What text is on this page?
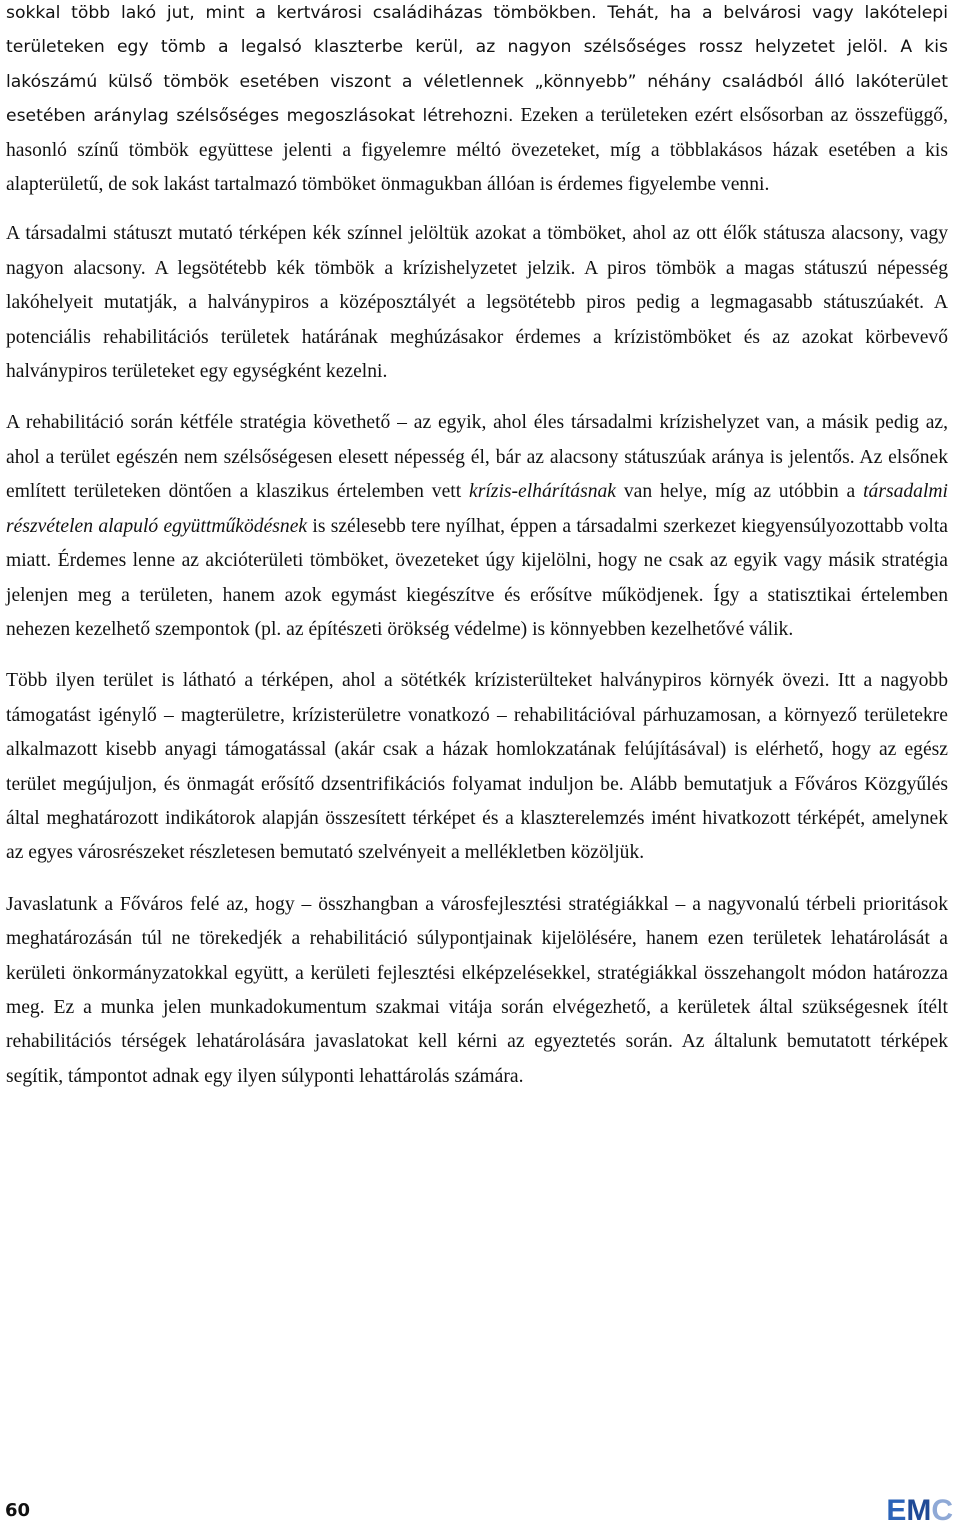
sokkal több lakó jut, mint a kertvárosi családiházas tömbökben. Tehát, ha a belvárosi vagy lakótelepi területeken egy tömb a legalsó klaszterbe kerül, az nagyon szélsőséges rossz helyzetet jelöl. A kis lakószámú külső tömbök esetében viszont a véletlennek „könnyebb” néhány családból álló lakóterület esetében aránylag szélsőséges megoszlásokat létrehozni. Ezeken a területeken ezért elsősorban az összefüggő, hasonló színű tömbök együttese jelenti a figyelemre méltó övezeteket, míg a többlakásos házak esetében a kis alapterületű, de sok lakást tartalmazó tömböket önmagukban állóan is érdemes figyelembe venni.

A társadalmi státuszt mutató térképen kék színnel jelöltük azokat a tömböket, ahol az ott élők státusza alacsony, vagy nagyon alacsony. A legsötétebb kék tömbök a krízishelyzetet jelzik. A piros tömbök a magas státuszú népesség lakóhelyeit mutatják, a halványpiros a középosztályét a legsötétebb piros pedig a legmagasabb státuszúakét. A potenciális rehabilitációs területek határának meghúzásakor érdemes a krízistömböket és az azokat körbevevő halványpiros területeket egy egységként kezelni.

A rehabilitáció során kétféle stratégia követhető – az egyik, ahol éles társadalmi krízishelyzet van, a másik pedig az, ahol a terület egészén nem szélsőségesen elesett népesség él, bár az alacsony státuszúak aránya is jelentős. Az elsőnek említett területeken döntően a klaszikus értelemben vett krízis-elhárításnak van helye, míg az utóbbin a társadalmi részvételen alapuló együttműködésnek is szélesebb tere nyílhat, éppen a társadalmi szerkezet kiegyensúlyozottabb volta miatt. Érdemes lenne az akcióterületi tömböket, övezeteket úgy kijelölni, hogy ne csak az egyik vagy másik stratégia jelenjen meg a területen, hanem azok egymást kiegészítve és erősítve működjenek. Így a statisztikai értelemben nehezen kezelhető szempontok (pl. az építészeti örökség védelme) is könnyebben kezelhetővé válik.

Több ilyen terület is látható a térképen, ahol a sötétkék krízisterülteket halványpiros környék övezi. Itt a nagyobb támogatást igénylő – magterületre, krízisterületre vonatkozó – rehabilitációval párhuzamosan, a környező területekre alkalmazott kisebb anyagi támogatással (akár csak a házak homlokzatának felújításával) is elérhető, hogy az egész terület megújuljon, és önmagát erősítő dzsentrifikációs folyamat induljon be. Alább bemutatjuk a Főváros Közgyűlés által meghatározott indikátorok alapján összesített térképet és a klaszterelemzés imént hivatkozott térképét, amelynek az egyes városrészeket részletesen bemutató szelvényeit a mellékletben közöljük.

Javaslatunk a Főváros felé az, hogy – összhangban a városfejlesztési stratégiákkal – a nagyvonalú térbeli prioritások meghatározásán túl ne törekedjék a rehabilitáció súlypontjainak kijelölésére, hanem ezen területek lehatárolását a kerületi önkormányzatokkal együtt, a kerületi fejlesztési elképzelésekkel, stratégiákkal összehangolt módon határozza meg. Ez a munka jelen munkadokumentum szakmai vitája során elvégezhető, a kerületek által szükségesnek ítélt rehabilitációs térségek lehatárolására javaslatokat kell kérni az egyeztetés során. Az általunk bemutatott térképek segítik, támpontot adnak egy ilyen súlyponti lehattárolás számára.

60	E M C
